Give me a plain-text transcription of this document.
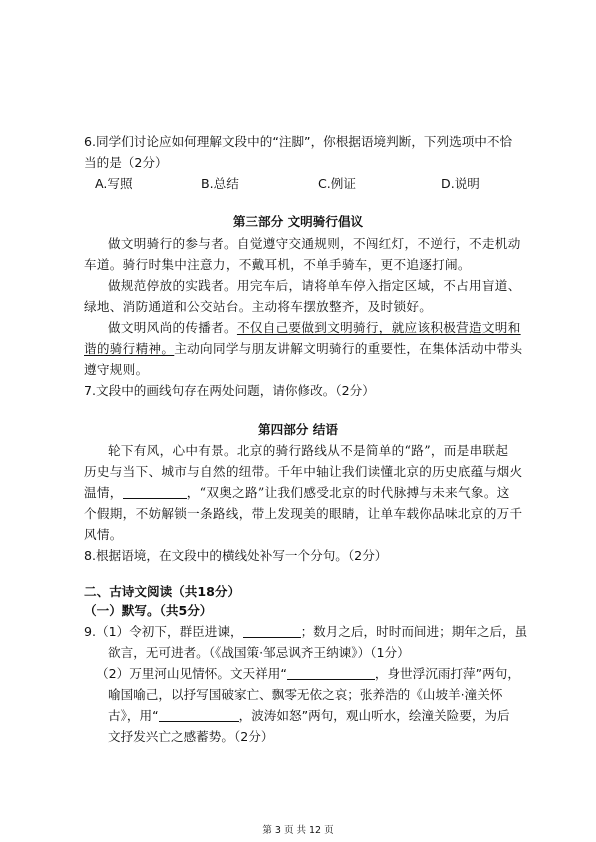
6.同学们讨论应如何理解文段中的“注脚”，你根据语境判断，下列选项中不恰
当的是（2分）
A.写照	B.总结	C.例证	D.说明
第三部分 文明骑行倡议
做文明骑行的参与者。自觉遵守交通规则，不闯红灯，不逆行，不走机动
车道。骑行时集中注意力，不戴耳机，不单手骑车，更不追逐打闹。
做规范停放的实践者。用完车后，请将单车停入指定区域，不占用盲道、
绿地、消防通道和公交站台。主动将车摆放整齐，及时锁好。
做文明风尚的传播者。不仅自己要做到文明骑行，就应该积极营造文明和
谐的骑行精神。主动向同学与朋友讲解文明骑行的重要性，在集体活动中带头
遵守规则。
7.文段中的画线句存在两处问题，请你修改。（2分）
第四部分 结语
轮下有风，心中有景。北京的骑行路线从不是简单的“路”，而是串联起
历史与当下、城市与自然的纽带。千年中轴让我们读懂北京的历史底蕴与烟火
温情，	，“双奥之路”让我们感受北京的时代脉搏与未来气象。这
个假期，不妨解锁一条路线，带上发现美的眼睛，让单车载你品味北京的万千
风情。
8.根据语境，在文段中的横线处补写一个分句。（2分）
二、古诗文阅读（共18分）
（一）默写。（共5分）
9.（1）令初下，群臣进谏，	；数月之后，时时而间进；期年之后，虽
欲言，无可进者。（《战国策·邹忌讽齐王纳谏》）（1分）
（2）万里河山见情怀。文天祥用“	，身世浮沉雨打萍”两句，
喻国喻己，以抒写国破家亡、飘零无依之哀；张养浩的《山坡羊·潼关怀
古》，用“	，波涛如怒”两句，观山听水，绘潼关险要，为后
文抒发兴亡之感蓄势。（2分）
第 3 页 共 12 页
